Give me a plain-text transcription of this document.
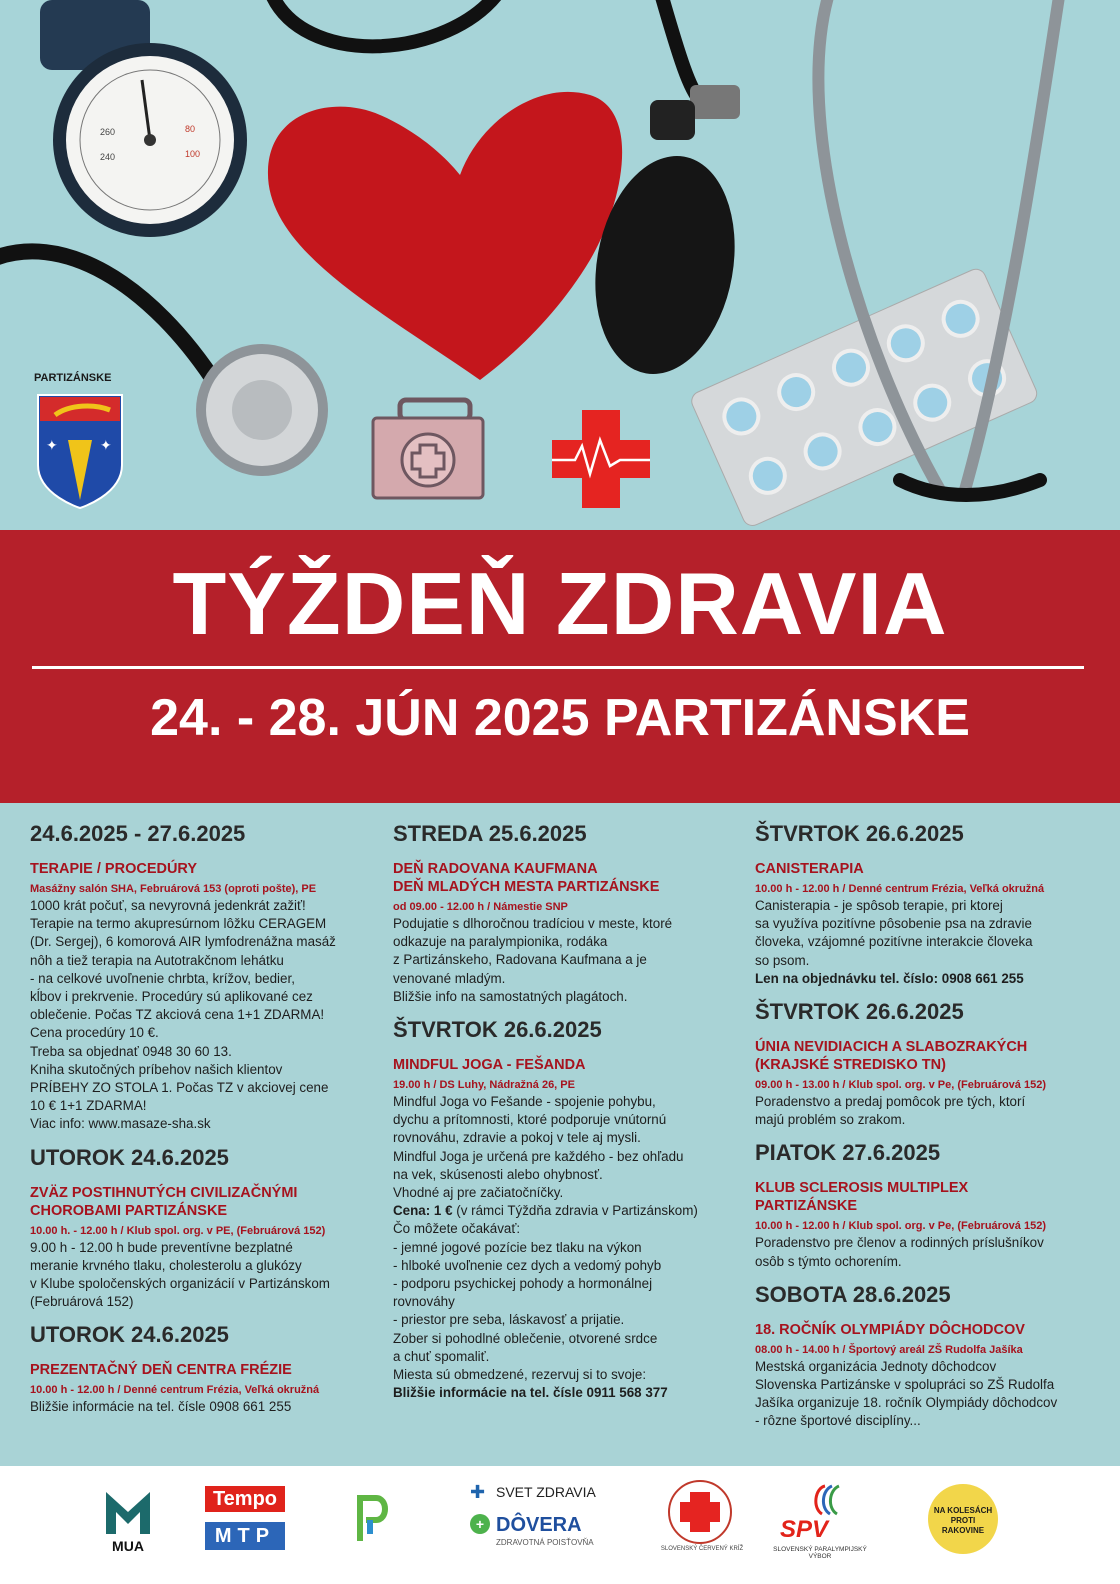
80
100
260
240
✦	✦
PARTIZÁNSKE
TÝŽDEŇ ZDRAVIA
24. - 28. JÚN 2025 PARTIZÁNSKE
24.6.2025 - 27.6.2025
TERAPIE / PROCEDÚRY
Masážny salón SHA, Februárová 153 (oproti pošte), PE
1000 krát počuť, sa nevyrovná jedenkrát zažiť!
Terapie na termo akupresúrnom lôžku CERAGEM
(Dr. Sergej), 6 komorová AIR lymfodrenážna masáž
nôh a tiež terapia na Autotrakčnom lehátku
- na celkové uvoľnenie chrbta, krížov, bedier,
kĺbov i prekrvenie. Procedúry sú aplikované cez
oblečenie. Počas TZ akciová cena 1+1 ZDARMA!
Cena procedúry 10 €.
Treba sa objednať 0948 30 60 13.
Kniha skutočných príbehov našich klientov
PRÍBEHY ZO STOLA 1. Počas TZ v akciovej cene
10 € 1+1 ZDARMA!
Viac info: www.masaze-sha.sk
UTOROK 24.6.2025
ZVÄZ POSTIHNUTÝCH CIVILIZAČNÝMI CHOROBAMI PARTIZÁNSKE
10.00 h. - 12.00 h / Klub spol. org. v PE, (Februárová 152)
9.00 h - 12.00 h bude preventívne bezplatné
meranie krvného tlaku, cholesterolu a glukózy
v Klube spoločenských organizácií v Partizánskom
(Februárová 152)
UTOROK 24.6.2025
PREZENTAČNÝ DEŇ CENTRA FRÉZIE
10.00 h - 12.00 h / Denné centrum Frézia, Veľká okružná
Bližšie informácie na tel. čísle 0908 661 255
STREDA 25.6.2025
DEŇ RADOVANA KAUFMANA
DEŇ MLADÝCH MESTA PARTIZÁNSKE
od 09.00 - 12.00 h / Námestie SNP
Podujatie s dlhoročnou tradíciou v meste, ktoré
odkazuje na paralympionika, rodáka
z Partizánskeho, Radovana Kaufmana a je
venované mladým.
Bližšie info na samostatných plagátoch.
ŠTVRTOK 26.6.2025
MINDFUL JOGA - FEŠANDA
19.00 h / DS Luhy, Nádražná 26, PE
Mindful Joga vo Fešande - spojenie pohybu,
dychu a prítomnosti, ktoré podporuje vnútornú
rovnováhu, zdravie a pokoj v tele aj mysli.
Mindful Joga je určená pre každého - bez ohľadu
na vek, skúsenosti alebo ohybnosť.
Vhodné aj pre začiatočníčky.
Cena: 1 € (v rámci Týždňa zdravia v Partizánskom)
Čo môžete očakávať:
- jemné jogové pozície bez tlaku na výkon
- hlboké uvoľnenie cez dych a vedomý pohyb
- podporu psychickej pohody a hormonálnej
rovnováhy
- priestor pre seba, láskavosť a prijatie.
Zober si pohodlné oblečenie, otvorené srdce
a chuť spomaliť.
Miesta sú obmedzené, rezervuj si to svoje:
Bližšie informácie na tel. čísle 0911 568 377
ŠTVRTOK 26.6.2025
CANISTERAPIA
10.00 h - 12.00 h / Denné centrum Frézia, Veľká okružná
Canisterapia - je spôsob terapie, pri ktorej
sa využíva pozitívne pôsobenie psa na zdravie
človeka, vzájomné pozitívne interakcie človeka
so psom.
Len na objednávku tel. číslo: 0908 661 255
ŠTVRTOK 26.6.2025
ÚNIA NEVIDIACICH A SLABOZRAKÝCH
(KRAJSKÉ STREDISKO TN)
09.00 h - 13.00 h / Klub spol. org. v Pe, (Februárová 152)
Poradenstvo a predaj pomôcok pre tých, ktorí
majú problém so zrakom.
PIATOK 27.6.2025
KLUB SCLEROSIS MULTIPLEX
PARTIZÁNSKE
10.00 h - 12.00 h / Klub spol. org. v Pe, (Februárová 152)
Poradenstvo pre členov a rodinných príslušníkov
osôb s týmto ochorením.
SOBOTA 28.6.2025
18. ROČNÍK OLYMPIÁDY DÔCHODCOV
08.00 h - 14.00 h / Športový areál ZŠ Rudolfa Jašíka
Mestská organizácia Jednoty dôchodcov
Slovenska Partizánske v spolupráci so ZŠ Rudolfa
Jašíka organizuje 18. ročník Olympiády dôchodcov
- rôzne športové disciplíny...
MUA
Tempo
MTP
✚ SVET ZDRAVIA
+ DÔVERA
ZDRAVOTNÁ POISŤOVŇA
SLOVENSKÝ ČERVENÝ KRÍŽ
SPV
SLOVENSKÝ PARALYMPIJSKÝ VÝBOR
NA KOLESÁCH PROTI RAKOVINE
